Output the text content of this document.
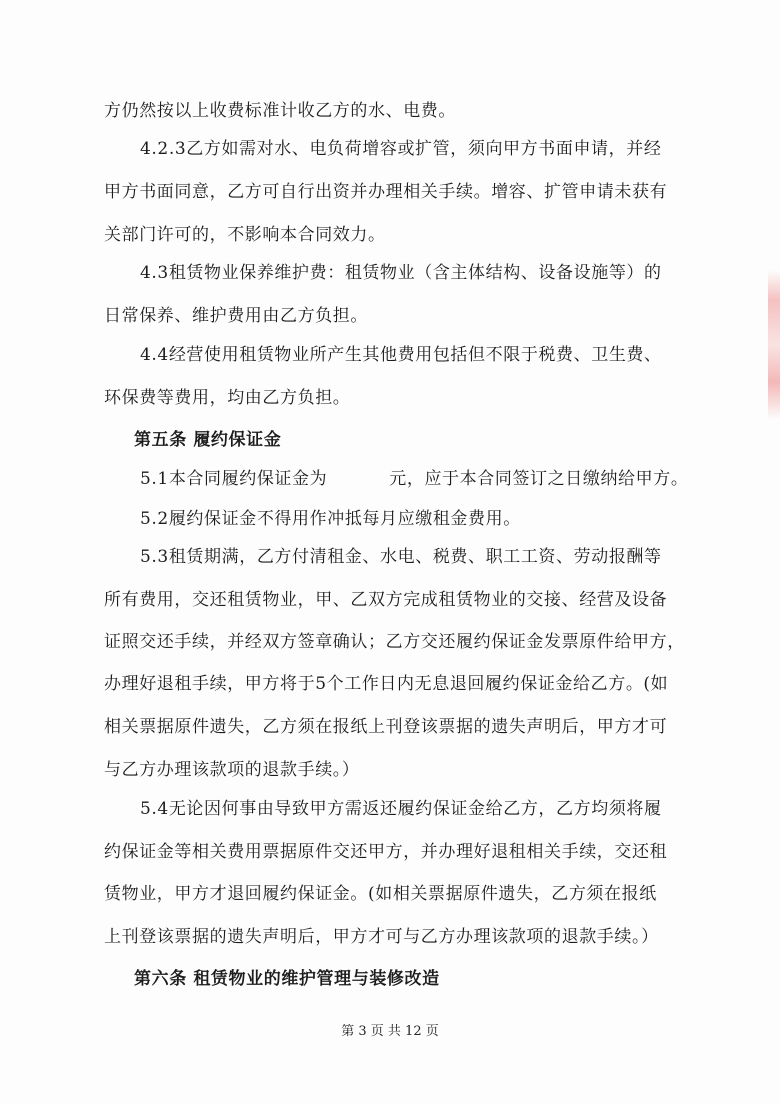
方仍然按以上收费标准计收乙方的水、电费。
4.2.3乙方如需对水、电负荷增容或扩管，须向甲方书面申请，并经
甲方书面同意，乙方可自行出资并办理相关手续。增容、扩管申请未获有
关部门许可的，不影响本合同效力。
4.3租赁物业保养维护费：租赁物业（含主体结构、设备设施等）的
日常保养、维护费用由乙方负担。
4.4经营使用租赁物业所产生其他费用包括但不限于税费、卫生费、
环保费等费用，均由乙方负担。
第五条 履约保证金
5.1本合同履约保证金为	元，应于本合同签订之日缴纳给甲方。
5.2履约保证金不得用作冲抵每月应缴租金费用。
5.3租赁期满，乙方付清租金、水电、税费、职工工资、劳动报酬等
所有费用，交还租赁物业，甲、乙双方完成租赁物业的交接、经营及设备
证照交还手续，并经双方签章确认；乙方交还履约保证金发票原件给甲方，
办理好退租手续，甲方将于5个工作日内无息退回履约保证金给乙方。(如
相关票据原件遗失，乙方须在报纸上刊登该票据的遗失声明后，甲方才可
与乙方办理该款项的退款手续。）
5.4无论因何事由导致甲方需返还履约保证金给乙方，乙方均须将履
约保证金等相关费用票据原件交还甲方，并办理好退租相关手续，交还租
赁物业，甲方才退回履约保证金。(如相关票据原件遗失，乙方须在报纸
上刊登该票据的遗失声明后，甲方才可与乙方办理该款项的退款手续。）
第六条 租赁物业的维护管理与装修改造
第 3 页 共 12 页
